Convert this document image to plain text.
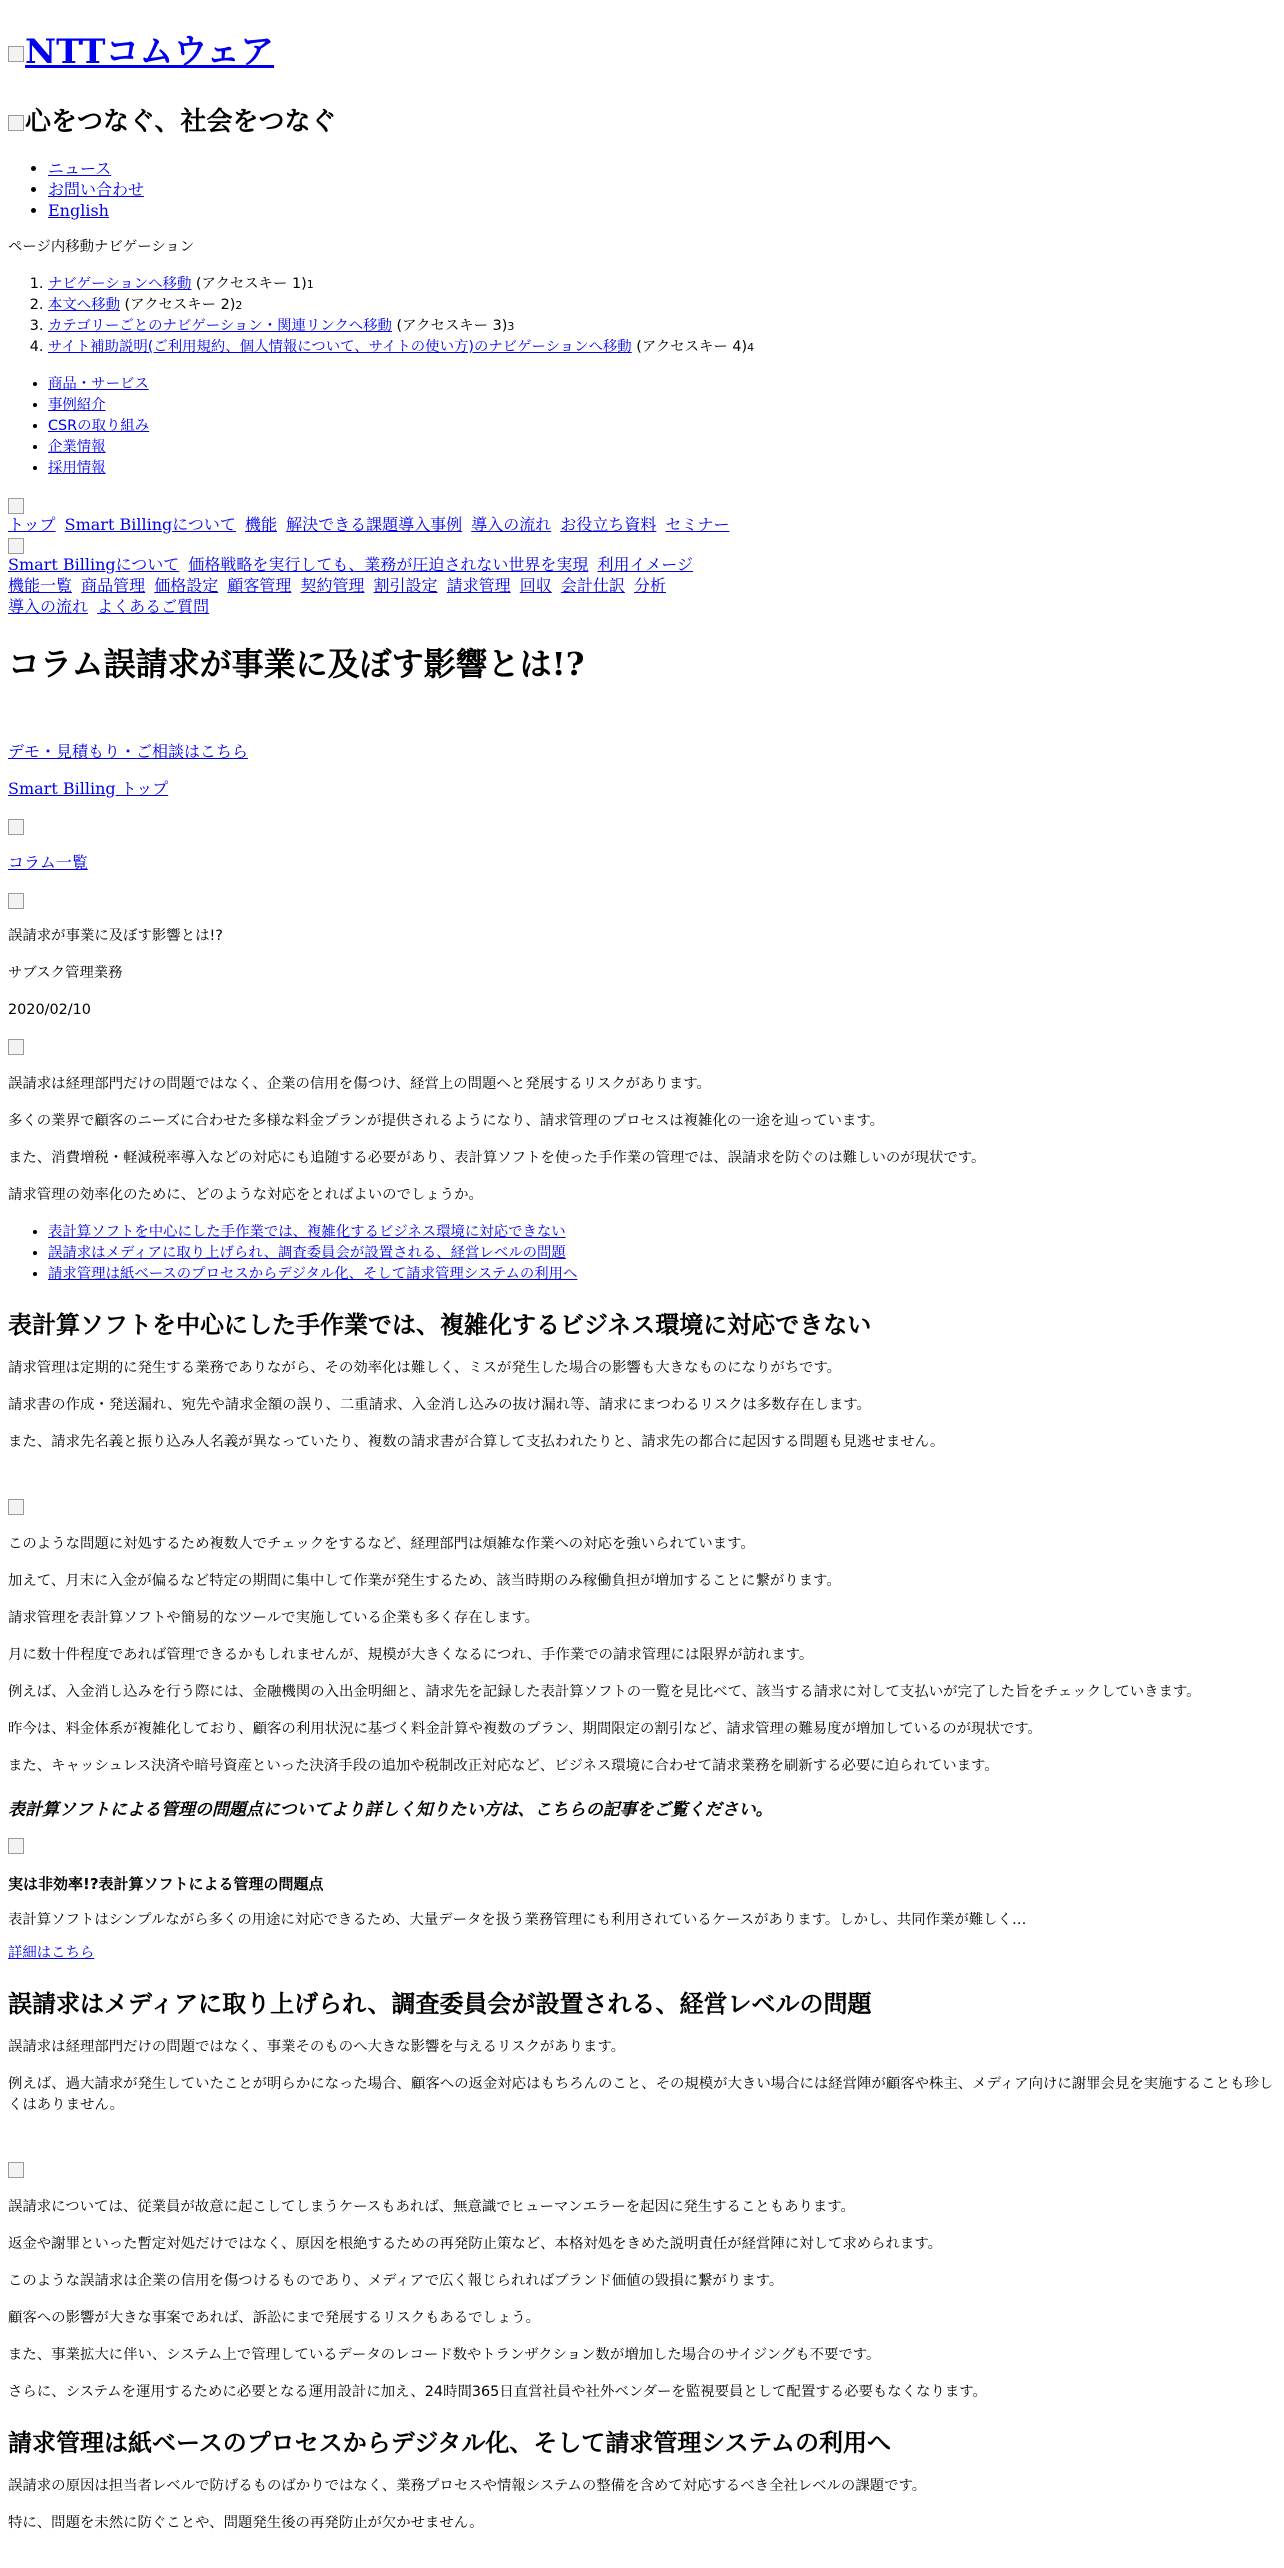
NTTコムウェア
心をつなぐ、社会をつなぐ
• ニュース
• お問い合わせ
• English

ページ内移動ナビゲーション

1. ナビゲーションへ移動 (アクセスキー 1)1
2. 本文へ移動 (アクセスキー 2)2
3. カテゴリーごとのナビゲーション・関連リンクへ移動 (アクセスキー 3)3
4. サイト補助説明(ご利用規約、個人情報について、サイトの使い方)のナビゲーションへ移動 (アクセスキー 4)4
• 商品・サービス
• 事例紹介
• CSRの取り組み
• 企業情報
• 採用情報
トップ Smart Billingについて 機能 解決できる課題導入事例 導入の流れ お役立ち資料 セミナー
Smart Billingについて 価格戦略を実行しても、業務が圧迫されない世界を実現 利用イメージ
機能一覧 商品管理 価格設定 顧客管理 契約管理 割引設定 請求管理 回収 会計仕訳 分析
導入の流れ よくあるご質問
コラム誤請求が事業に及ぼす影響とは!?

デモ・見積もり・ご相談はこちら

Smart Billing トップ

コラム一覧

誤請求が事業に及ぼす影響とは!?

サブスク管理業務

2020/02/10

誤請求は経理部門だけの問題ではなく、企業の信用を傷つけ、経営上の問題へと発展するリスクがあります。

多くの業界で顧客のニーズに合わせた多様な料金プランが提供されるようになり、請求管理のプロセスは複雑化の一途を辿っています。

また、消費増税・軽減税率導入などの対応にも追随する必要があり、表計算ソフトを使った手作業の管理では、誤請求を防ぐのは難しいのが現状です。

請求管理の効率化のために、どのような対応をとればよいのでしょうか。

• 表計算ソフトを中心にした手作業では、複雑化するビジネス環境に対応できない
• 誤請求はメディアに取り上げられ、調査委員会が設置される、経営レベルの問題
• 請求管理は紙ベースのプロセスからデジタル化、そして請求管理システムの利用へ
表計算ソフトを中心にした手作業では、複雑化するビジネス環境に対応できない

請求管理は定期的に発生する業務でありながら、その効率化は難しく、ミスが発生した場合の影響も大きなものになりがちです。

請求書の作成・発送漏れ、宛先や請求金額の誤り、二重請求、入金消し込みの抜け漏れ等、請求にまつわるリスクは多数存在します。

また、請求先名義と振り込み人名義が異なっていたり、複数の請求書が合算して支払われたりと、請求先の都合に起因する問題も見逃せません。

このような問題に対処するため複数人でチェックをするなど、経理部門は煩雑な作業への対応を強いられています。

加えて、月末に入金が偏るなど特定の期間に集中して作業が発生するため、該当時期のみ稼働負担が増加することに繋がります。

請求管理を表計算ソフトや簡易的なツールで実施している企業も多く存在します。

月に数十件程度であれば管理できるかもしれませんが、規模が大きくなるにつれ、手作業での請求管理には限界が訪れます。

例えば、入金消し込みを行う際には、金融機関の入出金明細と、請求先を記録した表計算ソフトの一覧を見比べて、該当する請求に対して支払いが完了した旨をチェックしていきます。

昨今は、料金体系が複雑化しており、顧客の利用状況に基づく料金計算や複数のプラン、期間限定の割引など、請求管理の難易度が増加しているのが現状です。

また、キャッシュレス決済や暗号資産といった決済手段の追加や税制改正対応など、ビジネス環境に合わせて請求業務を刷新する必要に迫られています。

表計算ソフトによる管理の問題点についてより詳しく知りたい方は、こちらの記事をご覧ください。

実は非効率!?表計算ソフトによる管理の問題点

表計算ソフトはシンプルながら多くの用途に対応できるため、大量データを扱う業務管理にも利用されているケースがあります。しかし、共同作業が難しく…

詳細はこちら

誤請求はメディアに取り上げられ、調査委員会が設置される、経営レベルの問題

誤請求は経理部門だけの問題ではなく、事業そのものへ大きな影響を与えるリスクがあります。

例えば、過大請求が発生していたことが明らかになった場合、顧客への返金対応はもちろんのこと、その規模が大きい場合には経営陣が顧客や株主、メディア向けに謝罪会見を実施することも珍しくはありません。

誤請求については、従業員が故意に起こしてしまうケースもあれば、無意識でヒューマンエラーを起因に発生することもあります。

返金や謝罪といった暫定対処だけではなく、原因を根絶するための再発防止策など、本格対処をきめた説明責任が経営陣に対して求められます。

このような誤請求は企業の信用を傷つけるものであり、メディアで広く報じられればブランド価値の毀損に繋がります。

顧客への影響が大きな事案であれば、訴訟にまで発展するリスクもあるでしょう。

また、事業拡大に伴い、システム上で管理しているデータのレコード数やトランザクション数が増加した場合のサイジングも不要です。

さらに、システムを運用するために必要となる運用設計に加え、24時間365日直営社員や社外ベンダーを監視要員として配置する必要もなくなります。

請求管理は紙ベースのプロセスからデジタル化、そして請求管理システムの利用へ

誤請求の原因は担当者レベルで防げるものばかりではなく、業務プロセスや情報システムの整備を含めて対応するべき全社レベルの課題です。

特に、問題を未然に防ぐことや、問題発生後の再発防止が欠かせません。
